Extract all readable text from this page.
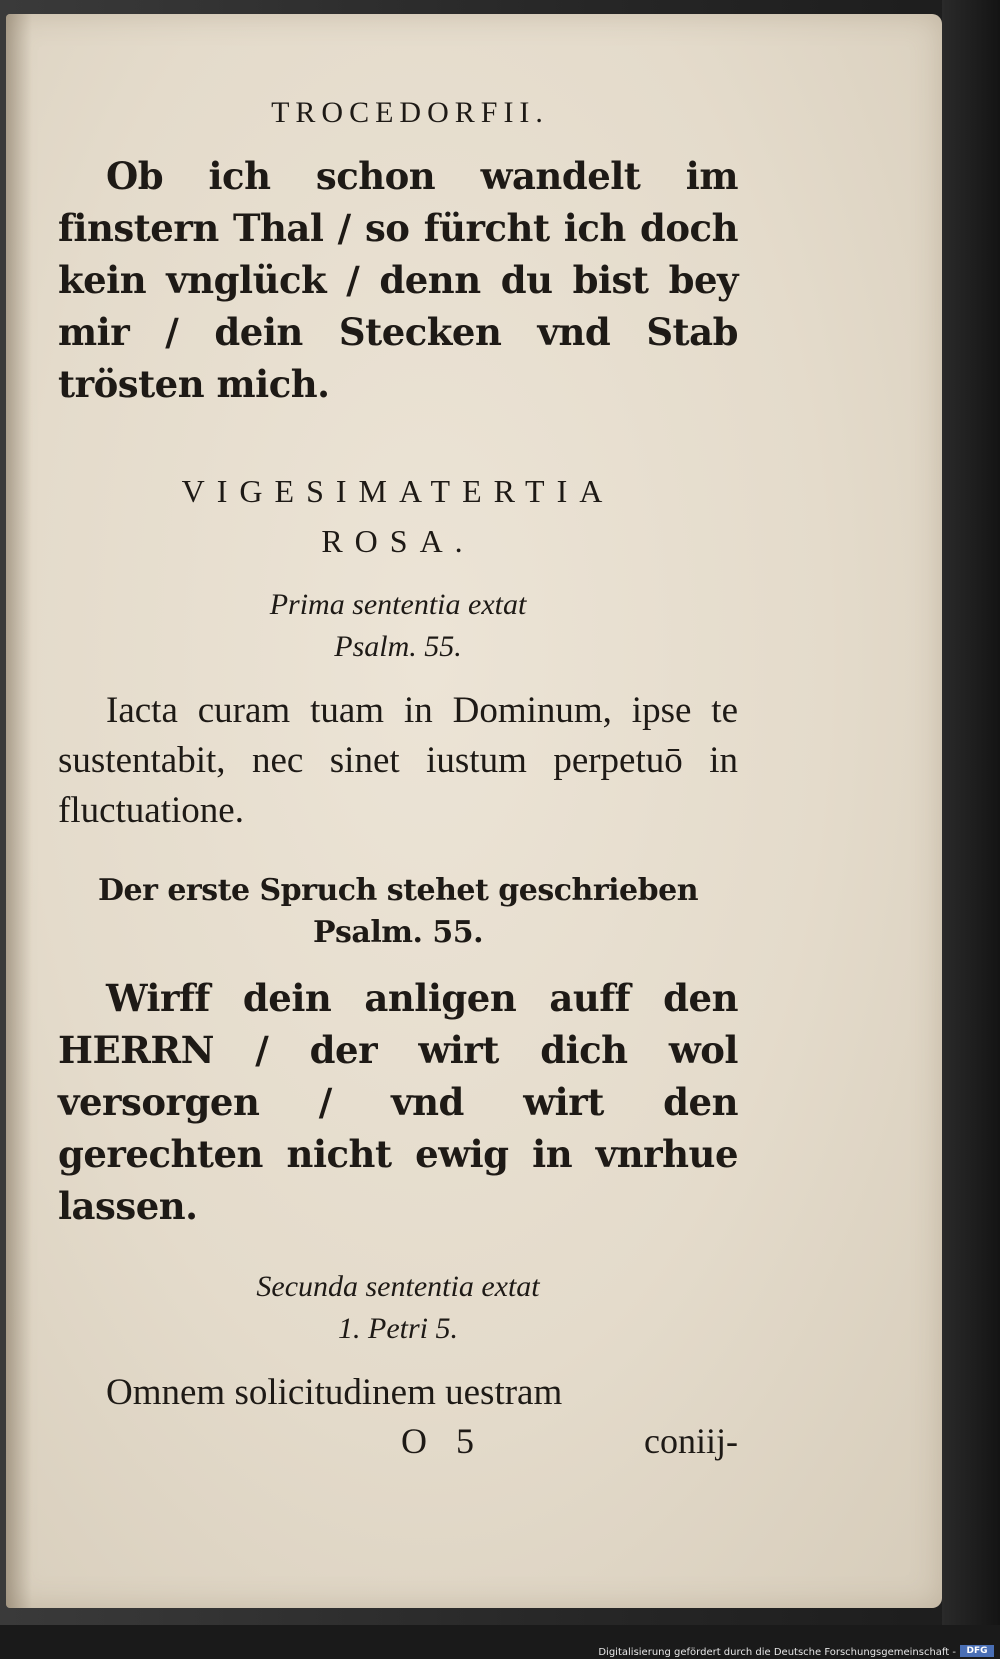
TROCEDORFII.

Ob ich schon wandelt im finstern Thal / so fürcht ich doch kein vnglück / denn du bist bey mir / dein Stecken vnd Stab trösten mich.

VIGESIMATERTIA
ROSA.
Prima sententia extat
Psalm. 55.

Iacta curam tuam in Dominum, ipse te sustentabit, nec sinet iustum perpetuō in fluctuatione.

Der erste Spruch stehet geschrieben
Psalm. 55.

Wirff dein anligen auff den HERRN / der wirt dich wol versorgen / vnd wirt den gerechten nicht ewig in vnrhue lassen.

Secunda sententia extat
1. Petri 5.

Omnem solicitudinem uestram

O 5	coniij-
Digitalisierung gefördert durch die Deutsche Forschungsgemeinschaft -	DFG
